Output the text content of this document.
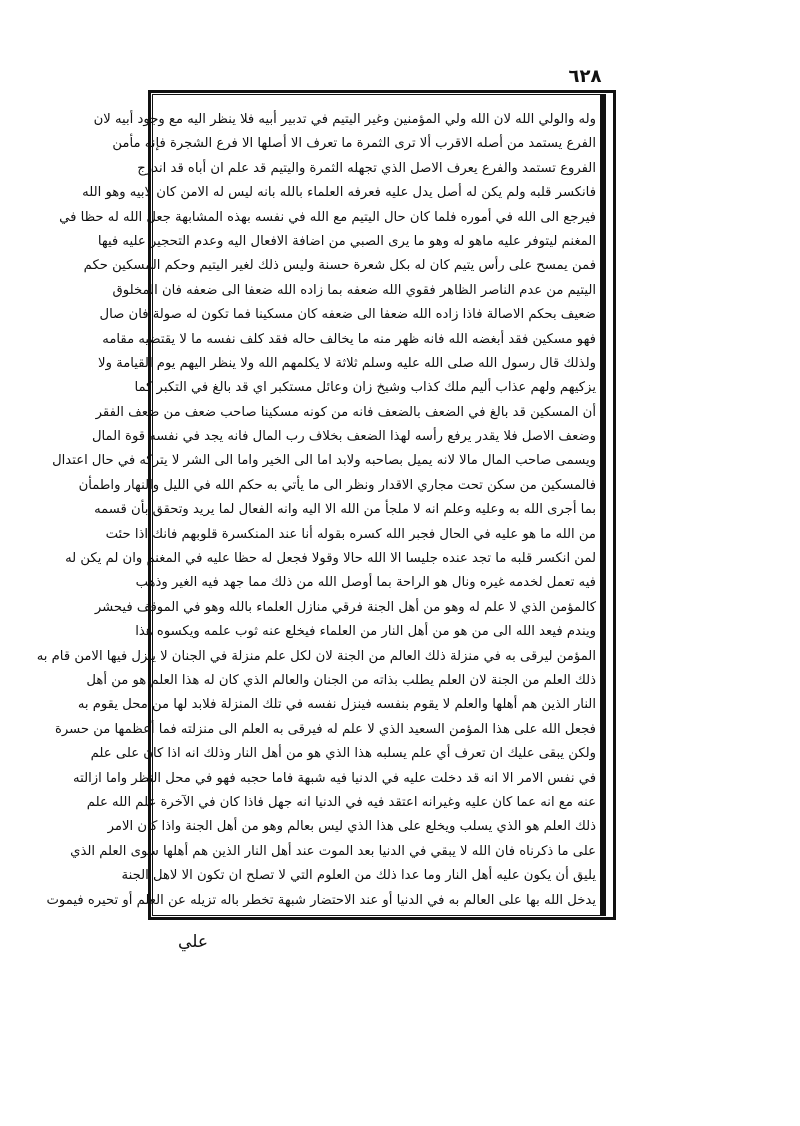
٦٢٨
وله والولي الله لان الله ولي المؤمنين وغير اليتيم في تدبير أبيه فلا ينظر اليه مع وجود أبيه لان
الفرع يستمد من أصله الاقرب ألا ترى الثمرة ما تعرف الا أصلها الا فرع الشجرة فإنه مأمن
الفروع تستمد والفرع يعرف الاصل الذي تجهله الثمرة واليتيم قد علم ان أباه قد اندرج
فانكسر قلبه ولم يكن له أصل يدل عليه فعرفه العلماء بالله بانه ليس له الامن كان لابيه وهو الله
فيرجع الى الله في أموره فلما كان حال اليتيم مع الله في نفسه بهذه المشابهة جعل الله له حظا في
المغنم ليتوفر عليه ماهو له وهو ما يرى الصبي من اضافة الافعال اليه وعدم التحجير عليه فيها
فمن يمسح على رأس يتيم كان له بكل شعرة حسنة وليس ذلك لغير اليتيم وحكم المسكين حكم
اليتيم من عدم الناصر الظاهر فقوي الله ضعفه بما زاده الله ضعفا الى ضعفه فان المخلوق
ضعيف بحكم الاصالة فاذا زاده الله ضعفا الى ضعفه كان مسكينا فما تكون له صولة فان صال
فهو مسكين فقد أبغضه الله فانه ظهر منه ما يخالف حاله فقد كلف نفسه ما لا يقتضيه مقامه
ولذلك قال رسول الله صلى الله عليه وسلم ثلاثة لا يكلمهم الله ولا ينظر اليهم يوم القيامة ولا
يزكيهم ولهم عذاب أليم ملك كذاب وشيخ زان وعائل مستكبر اي قد بالغ في التكبر كما
أن المسكين قد بالغ في الضعف بالضعف فانه من كونه مسكينا صاحب ضعف من ضعف الفقر
وضعف الاصل فلا يقدر يرفع رأسه لهذا الضعف بخلاف رب المال فانه يجد في نفسه قوة المال
ويسمى صاحب المال مالا لانه يميل بصاحبه ولابد اما الى الخير واما الى الشر لا يتركه في حال اعتدال
فالمسكين من سكن تحت مجاري الاقدار ونظر الى ما يأتي به حكم الله في الليل والنهار واطمأن
بما أجرى الله به وعليه وعلم انه لا ملجأ من الله الا اليه وانه الفعال لما يريد وتحقق بأن قسمه
من الله ما هو عليه في الحال فجبر الله كسره بقوله أنا عند المنكسرة قلوبهم فانك اذا حئت
لمن انكسر قلبه ما تجد عنده جليسا الا الله حالا وقولا فجعل له حظا عليه في المغنم وان لم يكن له
فيه تعمل لخدمه غيره ونال هو الراحة بما أوصل الله من ذلك مما جهد فيه الغير وذهب
كالمؤمن الذي لا علم له وهو من أهل الجنة فرقي منازل العلماء بالله وهو في الموقف فيحشر
ويندم فيعد الله الى من هو من أهل النار من العلماء فيخلع عنه ثوب علمه ويكسوه هذا
المؤمن ليرقى به في منزلة ذلك العالم من الجنة لان لكل علم منزلة في الجنان لا ينزل فيها الامن قام به
ذلك العلم من الجنة لان العلم يطلب بذاته من الجنان والعالم الذي كان له هذا العلم هو من أهل
النار الذين هم أهلها والعلم لا يقوم بنفسه فينزل نفسه في تلك المنزلة فلابد لها من محل يقوم به
فجعل الله على هذا المؤمن السعيد الذي لا علم له فيرقى به العلم الى منزلته فما أعظمها من حسرة
ولكن يبقى عليك ان تعرف أي علم يسلبه هذا الذي هو من أهل النار وذلك انه اذا كان على علم
في نفس الامر الا انه قد دخلت عليه في الدنيا فيه شبهة فاما حجبه فهو في محل النظر واما ازالته
عنه مع انه عما كان عليه وغيرانه اعتقد فيه في الدنيا انه جهل فاذا كان في الآخرة علم الله علم
ذلك العلم هو الذي يسلب ويخلع على هذا الذي ليس بعالم وهو من أهل الجنة واذا كان الامر
على ما ذكرناه فان الله لا يبقي في الدنيا بعد الموت عند أهل النار الذين هم أهلها سوى العلم الذي
يليق أن يكون عليه أهل النار وما عدا ذلك من العلوم التي لا تصلح ان تكون الا لاهل الجنة
يدخل الله بها على العالم به في الدنيا أو عند الاحتضار شبهة تخطر باله تزيله عن العلم أو تحيره فيموت
علي
